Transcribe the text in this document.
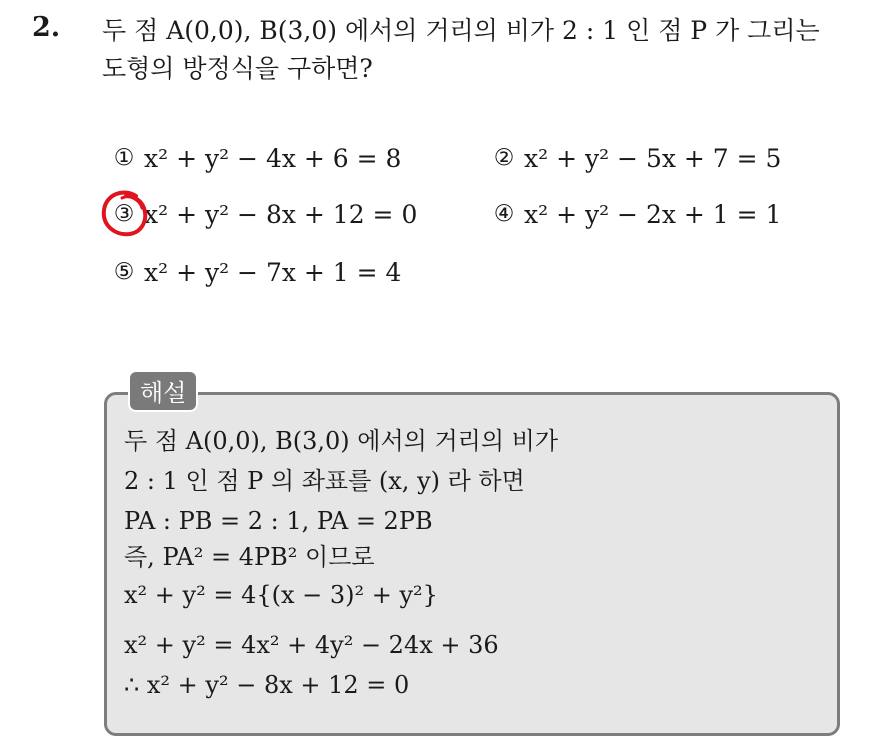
2. 두 점 A(0,0), B(3,0) 에서의 거리의 비가 2 : 1 인 점 P 가 그리는
도형의 방정식을 구하면?
① x² + y² − 4x + 6 = 8	② x² + y² − 5x + 7 = 5
③ x² + y² − 8x + 12 = 0	④ x² + y² − 2x + 1 = 1
⑤ x² + y² − 7x + 1 = 4
해설
두 점 A(0,0), B(3,0) 에서의 거리의 비가
2 : 1 인 점 P 의 좌표를 (x, y) 라 하면
PA : PB = 2 : 1, PA = 2PB
즉, PA² = 4PB² 이므로
x² + y² = 4{(x − 3)² + y²}
x² + y² = 4x² + 4y² − 24x + 36
∴ x² + y² − 8x + 12 = 0
